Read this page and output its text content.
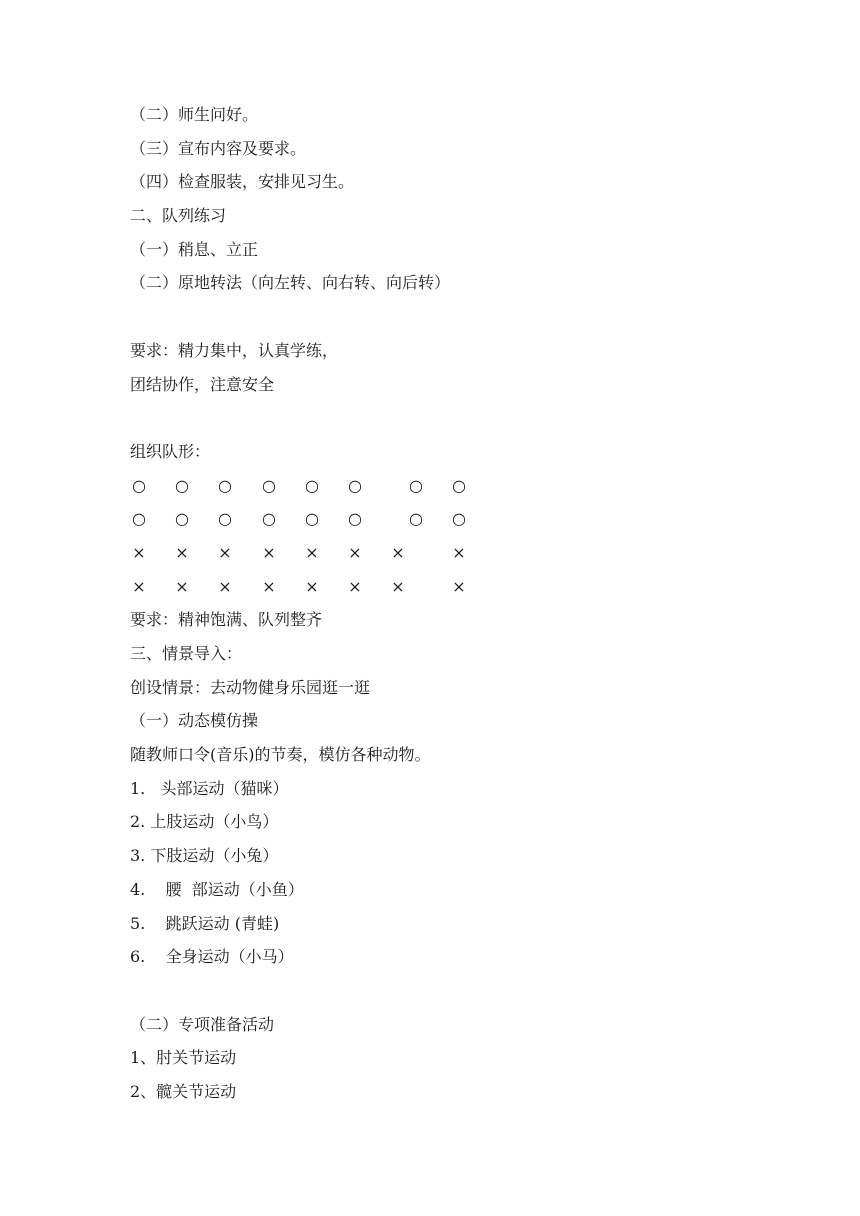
（二）师生问好。
（三）宣布内容及要求。
（四）检查服装，安排见习生。
二、队列练习
（一）稍息、立正
（二）原地转法（向左转、向右转、向后转）
要求：精力集中，认真学练，
团结协作，注意安全
组织队形：
○ ○ ○ ○ ○ ○	○ ○
○ ○ ○ ○ ○ ○	○ ○
× × × × × × ×	×
× × × × × × ×	×
要求：精神饱满、队列整齐
三、情景导入：
创设情景：去动物健身乐园逛一逛
（一）动态模仿操
随教师口令(音乐)的节奏，模仿各种动物。
1.   头部运动（猫咪）
2. 上肢运动（小鸟）
3. 下肢运动（小兔）
4.    腰  部运动（小鱼）
5.    跳跃运动 (青蛙)
6.    全身运动（小马）
（二）专项准备活动
1、肘关节运动
2、髋关节运动
